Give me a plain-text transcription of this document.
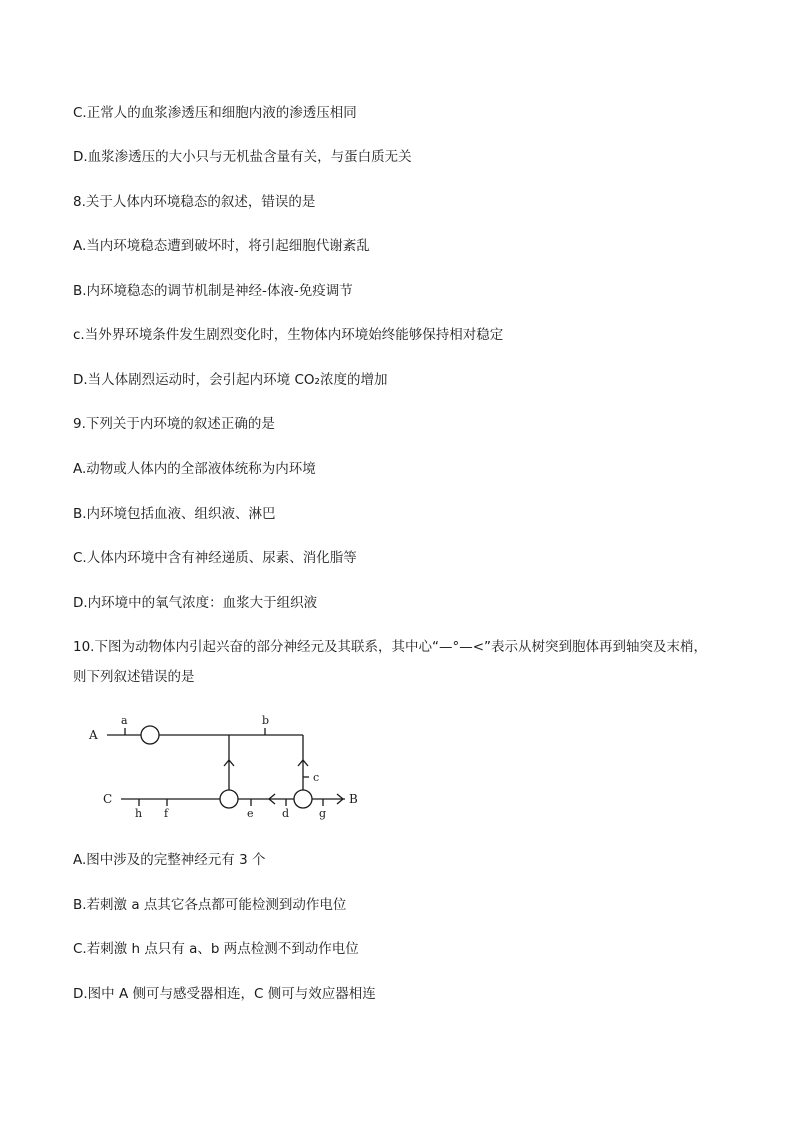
C.正常人的血浆渗透压和细胞内液的渗透压相同
D.血浆渗透压的大小只与无机盐含量有关，与蛋白质无关
8.关于人体内环境稳态的叙述，错误的是
A.当内环境稳态遭到破坏时，将引起细胞代谢紊乱
B.内环境稳态的调节机制是神经-体液-免疫调节
c.当外界环境条件发生剧烈变化时，生物体内环境始终能够保持相对稳定
D.当人体剧烈运动时，会引起内环境 CO₂浓度的增加
9.下列关于内环境的叙述正确的是
A.动物或人体内的全部液体统称为内环境
B.内环境包括血液、组织液、淋巴
C.人体内环境中含有神经递质、尿素、消化脂等
D.内环境中的氧气浓度：血浆大于组织液
10.下图为动物体内引起兴奋的部分神经元及其联系，其中心“—°—<”表示从树突到胞体再到轴突及末梢，
则下列叙述错误的是
A.图中涉及的完整神经元有 3 个
B.若刺激 a 点其它各点都可能检测到动作电位
C.若刺激 h 点只有 a、b 两点检测不到动作电位
D.图中 A 侧可与感受器相连，C 侧可与效应器相连
A
a	b
c
C
h f	e	d	g
B
